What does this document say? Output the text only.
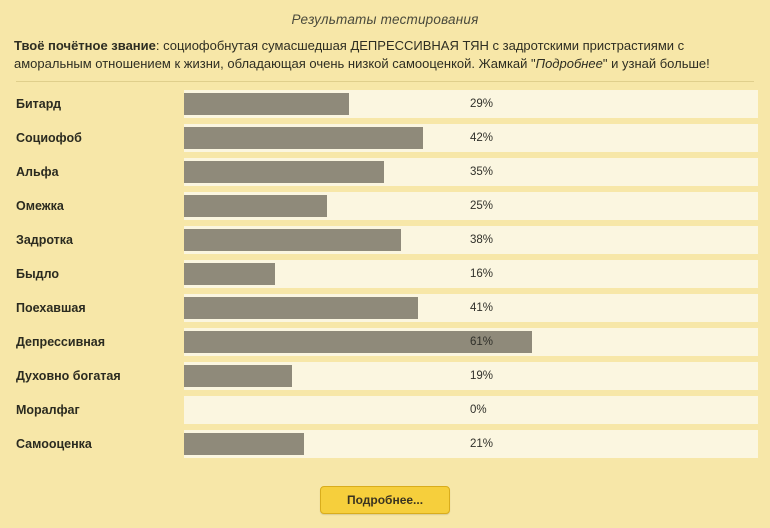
Результаты тестирования
Твоё почётное звание: социофобнутая сумасшедшая ДЕПРЕССИВНАЯ ТЯН с задротскими пристрастиями с аморальным отношением к жизни, обладающая очень низкой самооценкой. Жамкай "Подробнее" и узнай больше!
Битард	29%
Социофоб	42%
Альфа	35%
Омежка	25%
Задротка	38%
Быдло	16%
Поехавшая	41%
Депрессивная	61%
Духовно богатая	19%
Моралфаг	0%
Самооценка	21%
Подробнее...
